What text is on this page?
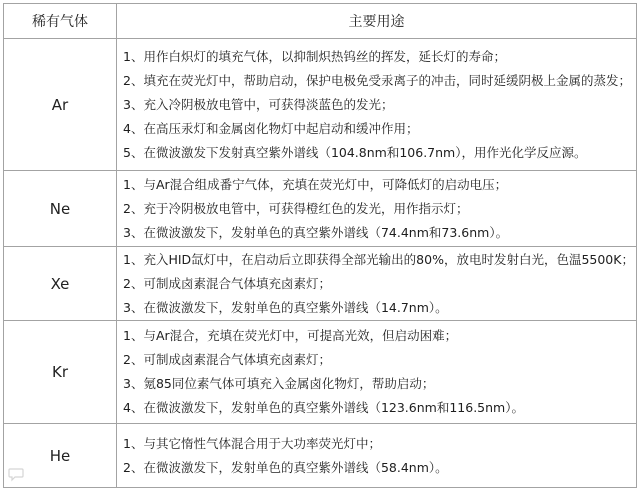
稀有气体	主要用途
Ar
1、用作白炽灯的填充气体，以抑制炽热钨丝的挥发，延长灯的寿命；
2、填充在荧光灯中，帮助启动，保护电极免受汞离子的冲击，同时延缓阴极上金属的蒸发；
3、充入冷阴极放电管中，可获得淡蓝色的发光；
4、在高压汞灯和金属卤化物灯中起启动和缓冲作用；
5、在微波激发下发射真空紫外谱线（104.8nm和106.7nm），用作光化学反应源。
Ne
1、与Ar混合组成番宁气体，充填在荧光灯中，可降低灯的启动电压；
2、充于冷阴极放电管中，可获得橙红色的发光，用作指示灯；
3、在微波激发下，发射单色的真空紫外谱线（74.4nm和73.6nm）。
Xe
1、充入HID氙灯中，在启动后立即获得全部光输出的80%，放电时发射白光，色温5500K；
2、可制成卤素混合气体填充卤素灯；
3、在微波激发下，发射单色的真空紫外谱线（14.7nm）。
Kr
1、与Ar混合，充填在荧光灯中，可提高光效，但启动困难；
2、可制成卤素混合气体填充卤素灯；
3、氪85同位素气体可填充入金属卤化物灯，帮助启动；
4、在微波激发下，发射单色的真空紫外谱线（123.6nm和116.5nm）。
He
1、与其它惰性气体混合用于大功率荧光灯中；
2、在微波激发下，发射单色的真空紫外谱线（58.4nm）。
